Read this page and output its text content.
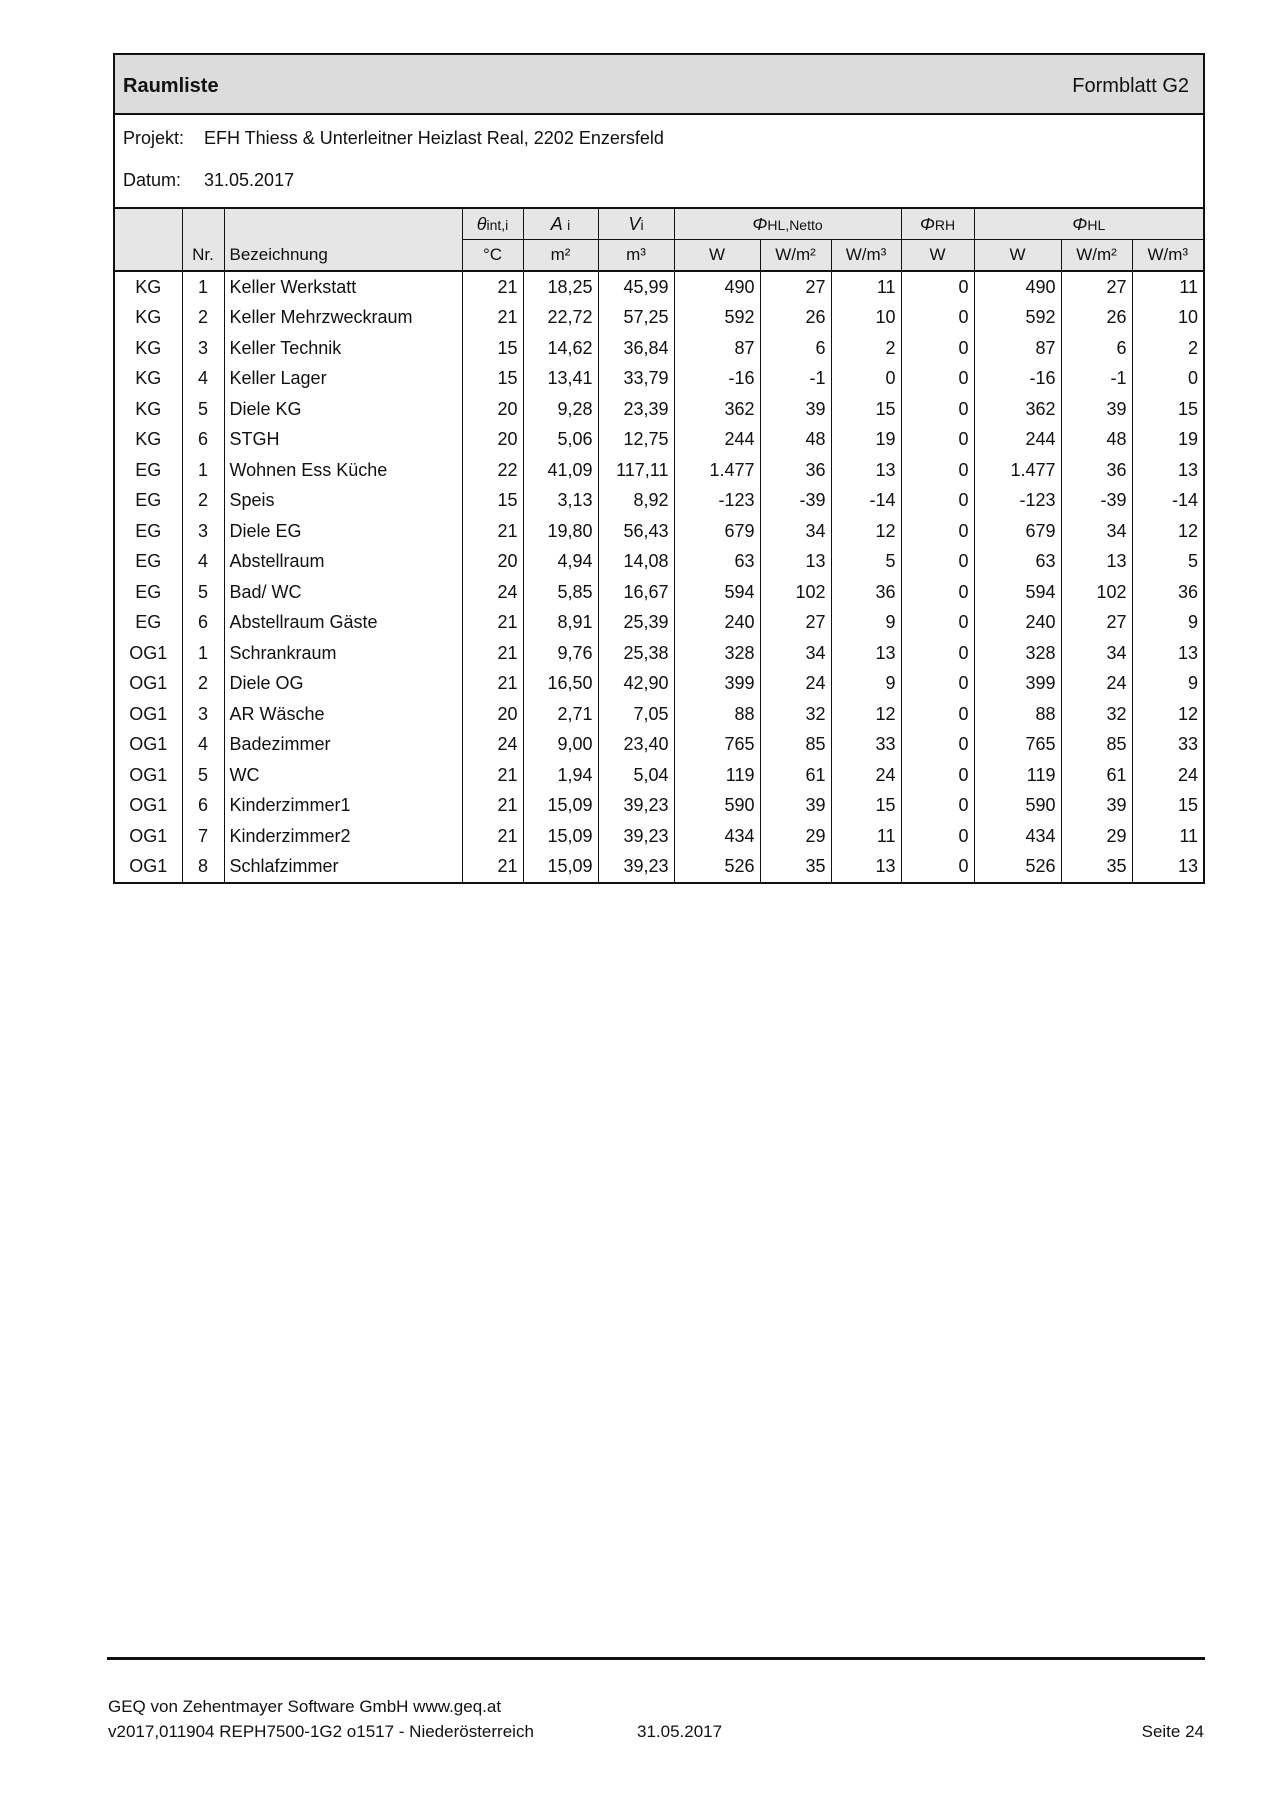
Raumliste	Formblatt G2
Projekt: EFH Thiess & Unterleitner Heizlast Real, 2202 Enzersfeld
Datum: 31.05.2017
			θint,i	A i	Vi	ΦHL,Netto			ΦRH	ΦHL		
	Nr.	Bezeichnung	°C	m²	m³	W	W/m²	W/m³	W	W	W/m²	W/m³
KG	1	Keller Werkstatt	21	18,25	45,99	490	27	11	0	490	27	11
KG	2	Keller Mehrzweckraum	21	22,72	57,25	592	26	10	0	592	26	10
KG	3	Keller Technik	15	14,62	36,84	87	6	2	0	87	6	2
KG	4	Keller Lager	15	13,41	33,79	-16	-1	0	0	-16	-1	0
KG	5	Diele KG	20	9,28	23,39	362	39	15	0	362	39	15
KG	6	STGH	20	5,06	12,75	244	48	19	0	244	48	19
EG	1	Wohnen Ess Küche	22	41,09	117,11	1.477	36	13	0	1.477	36	13
EG	2	Speis	15	3,13	8,92	-123	-39	-14	0	-123	-39	-14
EG	3	Diele EG	21	19,80	56,43	679	34	12	0	679	34	12
EG	4	Abstellraum	20	4,94	14,08	63	13	5	0	63	13	5
EG	5	Bad/ WC	24	5,85	16,67	594	102	36	0	594	102	36
EG	6	Abstellraum Gäste	21	8,91	25,39	240	27	9	0	240	27	9
OG1	1	Schrankraum	21	9,76	25,38	328	34	13	0	328	34	13
OG1	2	Diele OG	21	16,50	42,90	399	24	9	0	399	24	9
OG1	3	AR Wäsche	20	2,71	7,05	88	32	12	0	88	32	12
OG1	4	Badezimmer	24	9,00	23,40	765	85	33	0	765	85	33
OG1	5	WC	21	1,94	5,04	119	61	24	0	119	61	24
OG1	6	Kinderzimmer1	21	15,09	39,23	590	39	15	0	590	39	15
OG1	7	Kinderzimmer2	21	15,09	39,23	434	29	11	0	434	29	11
OG1	8	Schlafzimmer	21	15,09	39,23	526	35	13	0	526	35	13
GEQ von Zehentmayer Software GmbH www.geq.at
v2017,011904 REPH7500-1G2 o1517 - Niederösterreich	31.05.2017	Seite 24
